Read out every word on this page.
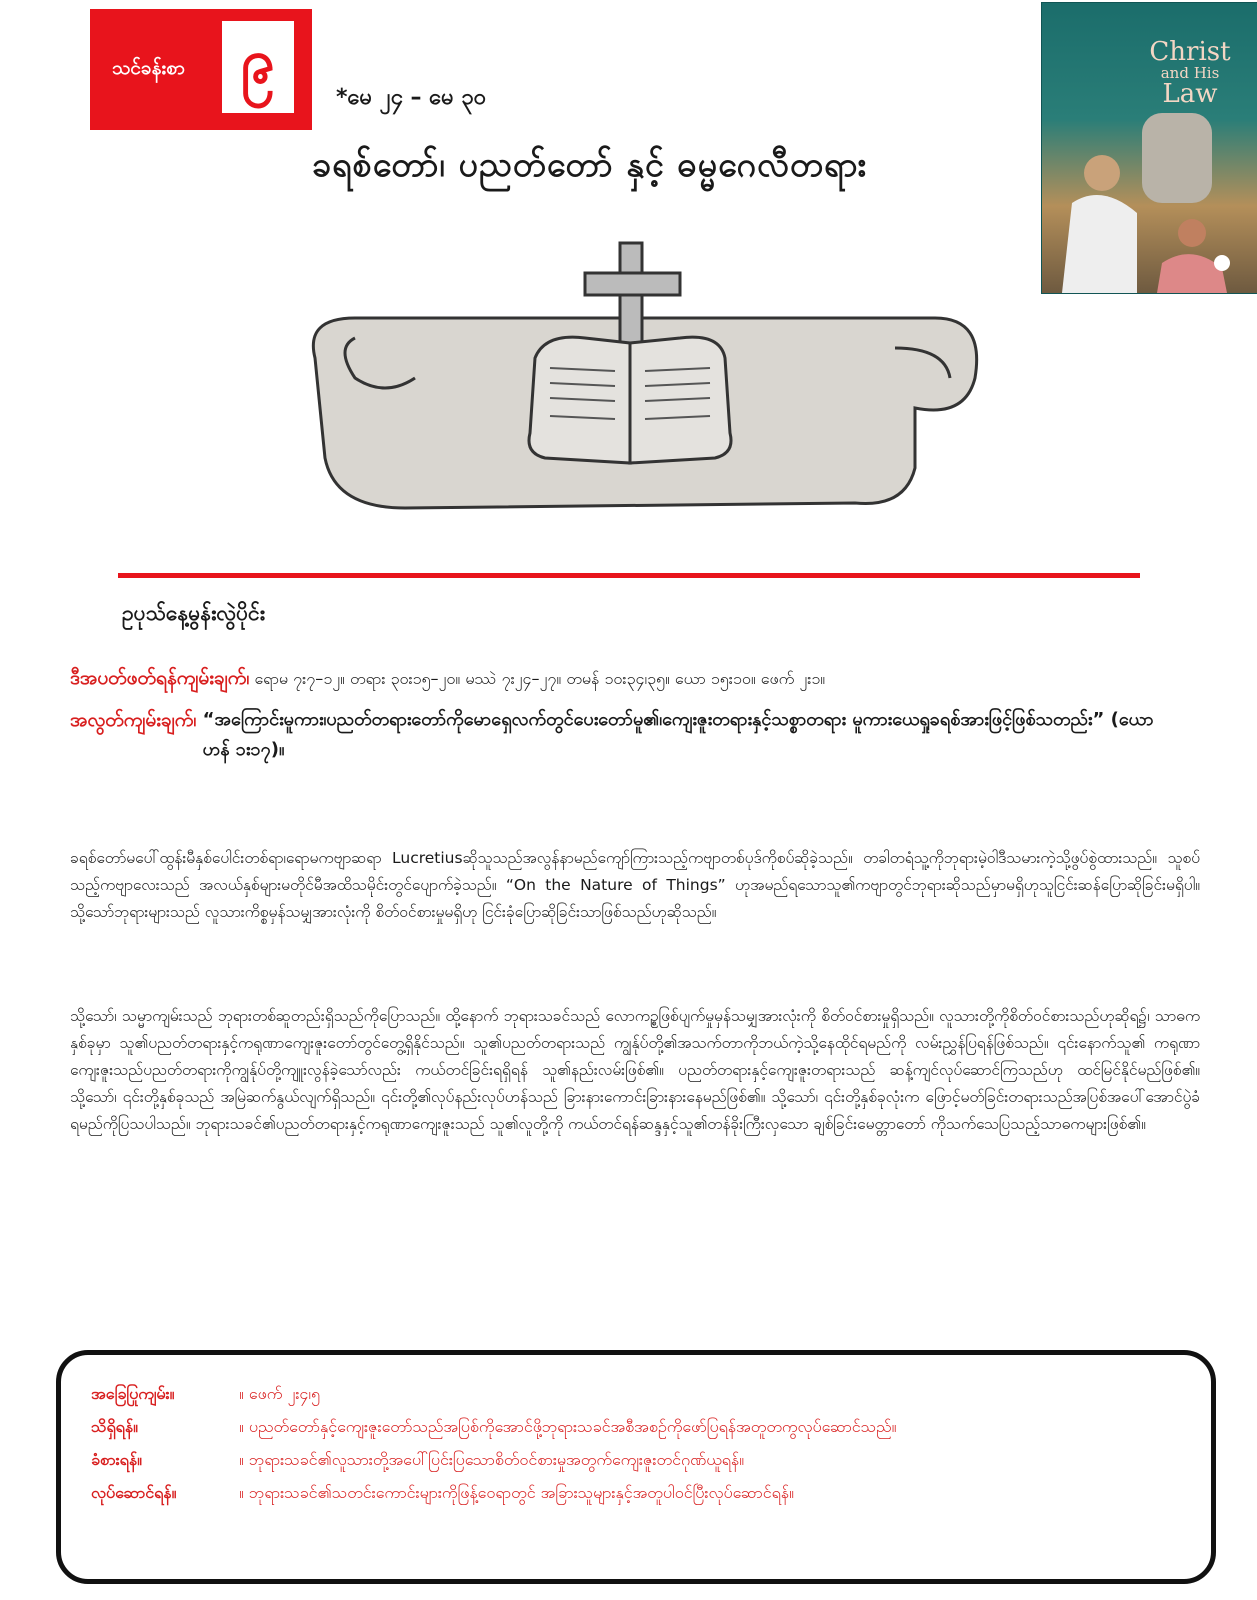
သင်ခန်းစာ ၉
*မေ ၂၄ – မေ ၃၀
ခရစ်တော်၊ ပညတ်တော် နှင့် ဓမ္မဂေလီတရား
Christ
and His
Law
ဥပုသ်နေ့မွန်းလွဲပိုင်း
ဒီအပတ်ဖတ်ရန်ကျမ်းချက်၊ ရောမ ၇း၇–၁၂။ တရား ၃၀း၁၅–၂၀။ မဿဲ ၇း၂၄–၂၇။ တမန် ၁၀း၃၄၊၃၅။ ယော ၁၅း၁၀။ ဖေက် ၂း၁။
အလွတ်ကျမ်းချက်၊ “အကြောင်းမူကား၊ပညတ်တရားတော်ကိုမောရှေလက်တွင်ပေးတော်မူ၏၊ကျေးဇူးတရားနှင့်သစ္စာတရား မူကားယေရှုခရစ်အားဖြင့်ဖြစ်သတည်း” (ယောဟန် ၁း၁၇)။
ခရစ်တော်မပေါ်ထွန်းမီနှစ်ပေါင်းတစ်ရာ၊ရောမကဗျာဆရာ Lucretiusဆိုသူသည်အလွန်နာမည်ကျော်ကြားသည့်ကဗျာတစ်ပုဒ်ကိုစပ်ဆိုခဲ့သည်။ တခါတရံသူ့ကိုဘုရားမဲ့ဝါဒီသမားကဲ့သို့ဖွပ်စွဲထားသည်။ သူစပ်သည့်ကဗျာလေးသည် အလယ်နှစ်များမတိုင်မီအထိသမိုင်းတွင်ပျောက်ခဲ့သည်။ “On the Nature of Things” ဟုအမည်ရသောသူ၏ကဗျာတွင်ဘုရားဆိုသည်မှာမရှိဟုသူငြင်းဆန်ပြောဆိုခြင်းမရှိပါ။ သို့သော်ဘုရားများသည် လူသားကိစ္စမှန်သမျှအားလုံးကို စိတ်ဝင်စားမှုမရှိဟု ငြင်းခုံပြောဆိုခြင်းသာဖြစ်သည်ဟုဆိုသည်။
သို့သော်၊ သမ္မာကျမ်းသည် ဘုရားတစ်ဆူတည်းရှိသည်ကိုပြောသည်။ ထို့နောက် ဘုရားသခင်သည် လောကဥ္စဖြစ်ပျက်မှုမှန်သမျှအားလုံးကို စိတ်ဝင်စားမှုရှိသည်။ လူသားတို့ကိုစိတ်ဝင်စားသည်ဟုဆိုရ၌၊ သာဓကနှစ်ခုမှာ သူ၏ပညတ်တရားနှင့်ကရုဏာကျေးဇူးတော်တွင်တွေ့ရှိနိုင်သည်။ သူ၏ပညတ်တရားသည် ကျွန်ုပ်တို့၏အသက်တာကိုဘယ်ကဲ့သို့နေထိုင်ရမည်ကို လမ်းညွှန်ပြရန်ဖြစ်သည်။ ၎င်းနောက်သူ၏ ကရုဏာကျေးဇူးသည်ပညတ်တရားကိုကျွန်ုပ်တို့ကျူးလွန်ခဲ့သော်လည်း ကယ်တင်ခြင်းရရှိရန် သူ၏နည်းလမ်းဖြစ်၏။ ပညတ်တရားနှင့်ကျေးဇူးတရားသည် ဆန့်ကျင်လုပ်ဆောင်ကြသည်ဟု ထင်မြင်နိုင်မည်ဖြစ်၏။ သို့သော်၊ ၎င်းတို့နှစ်ခုသည် အမြဲဆက်နွယ်လျက်ရှိသည်။ ၎င်းတို့၏လုပ်နည်းလုပ်ဟန်သည် ခြားနားကောင်းခြားနားနေမည်ဖြစ်၏။ သို့သော်၊ ၎င်းတို့နှစ်ခုလုံးက ဖြောင့်မတ်ခြင်းတရားသည်အပြစ်အပေါ်အောင်ပွဲခံရမည်ကိုပြသပါသည်။ ဘုရားသခင်၏ပညတ်တရားနှင့်ကရုဏာကျေးဇူးသည် သူ၏လူတို့ကို ကယ်တင်ရန်ဆန္ဒနှင့်သူ၏တန်ခိုးကြီးလှသော ချစ်ခြင်းမေတ္တာတော် ကိုသက်သေပြသည့်သာဓကများဖြစ်၏။
အခြေပြုကျမ်း။	။ ဖေက် ၂း၄၊၅
သိရှိရန်။	။ ပညတ်တော်နှင့်ကျေးဇူးတော်သည်အပြစ်ကိုအောင်ဖို့ဘုရားသခင်အစီအစဉ်ကိုဖော်ပြရန်အတူတကွလုပ်ဆောင်သည်။
ခံစားရန်။	။ ဘုရားသခင်၏လူသားတို့အပေါ်ပြင်းပြသောစိတ်ဝင်စားမှုအတွက်ကျေးဇူးတင်ဂုဏ်ယူရန်။
လုပ်ဆောင်ရန်။	။ ဘုရားသခင်၏သတင်းကောင်းများကိုဖြန့်ဝေရာတွင် အခြားသူများနှင့်အတူပါဝင်ပြီးလုပ်ဆောင်ရန်။
